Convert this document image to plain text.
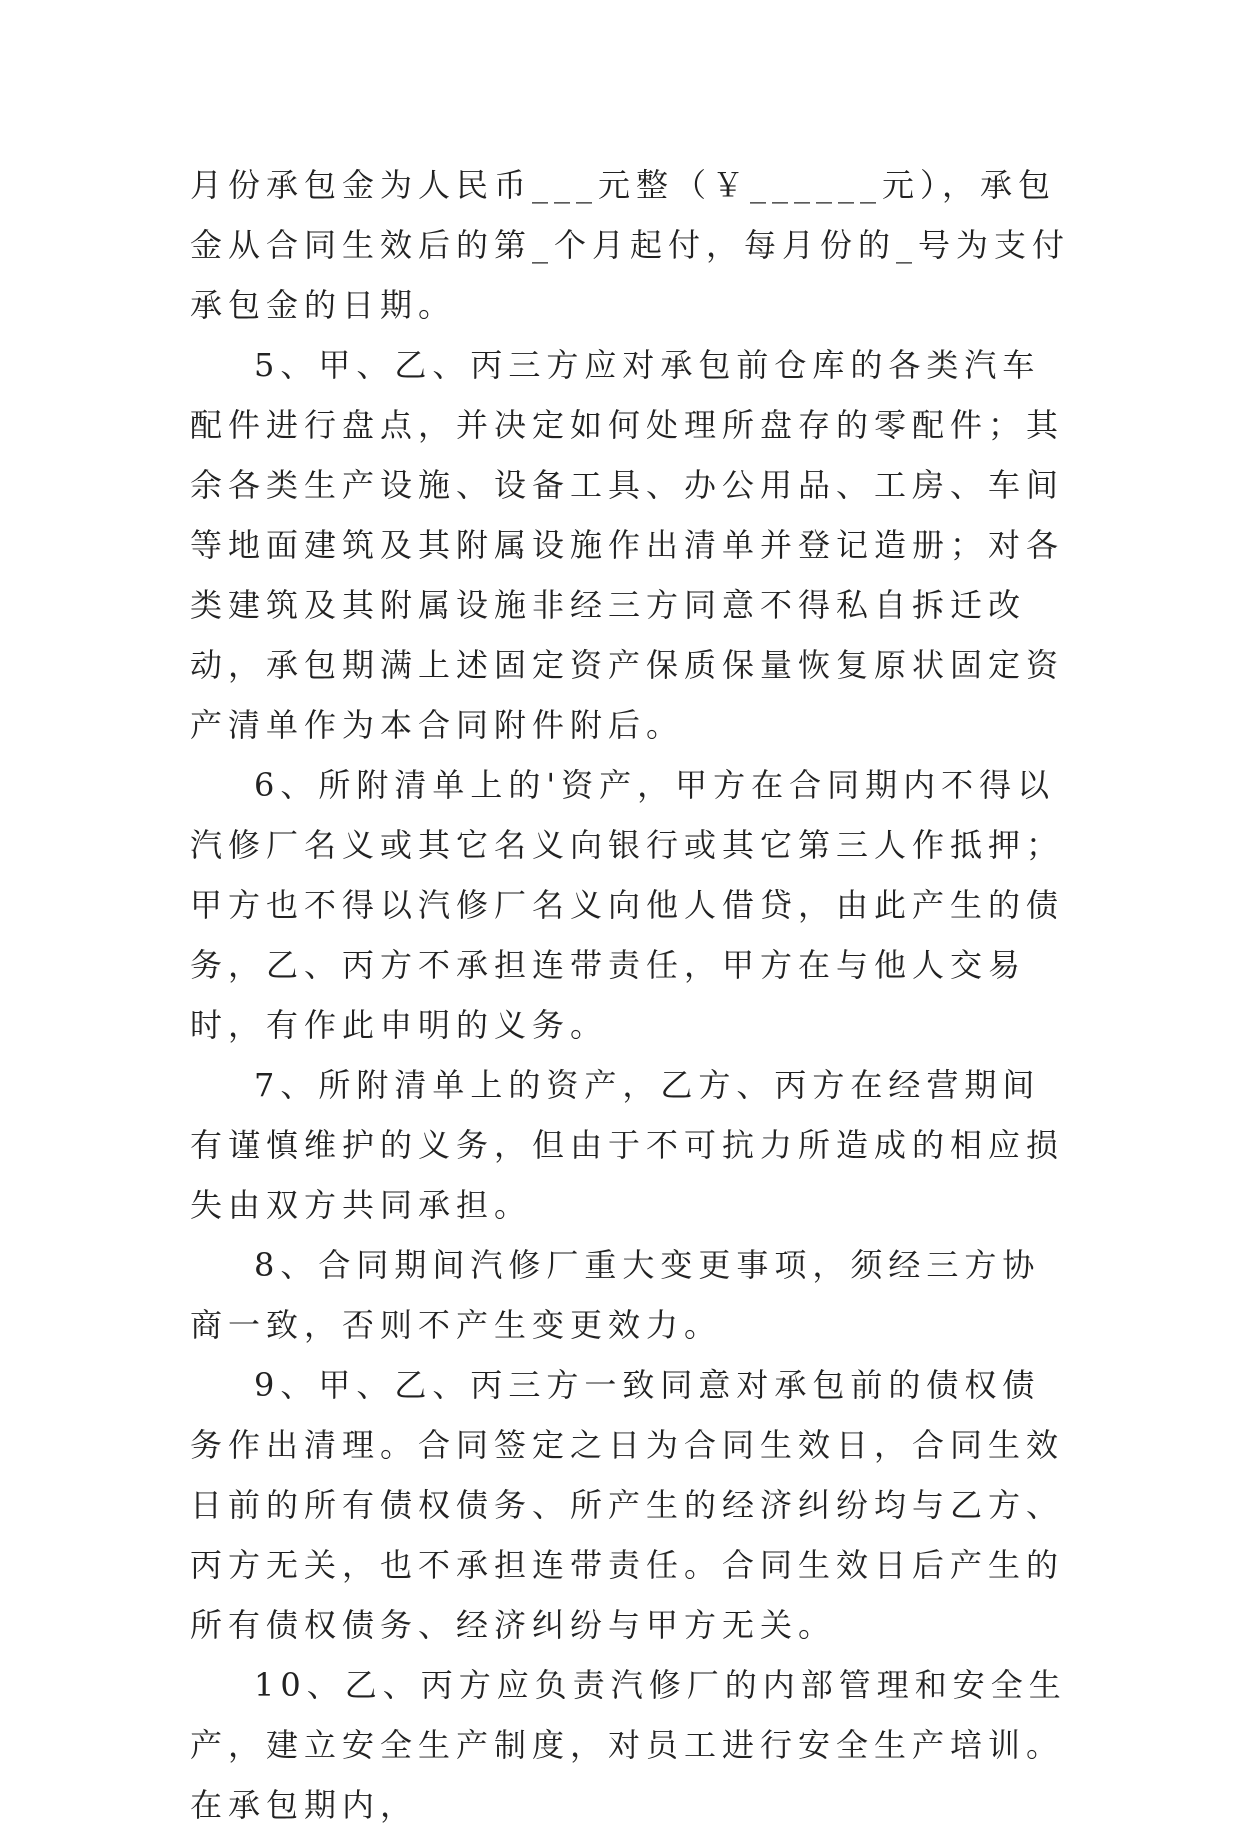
月份承包金为人民币___元整（￥______元），承包金从合同生效后的第_个月起付，每月份的_号为支付承包金的日期。

5、甲、乙、丙三方应对承包前仓库的各类汽车配件进行盘点，并决定如何处理所盘存的零配件；其余各类生产设施、设备工具、办公用品、工房、车间等地面建筑及其附属设施作出清单并登记造册；对各类建筑及其附属设施非经三方同意不得私自拆迁改动，承包期满上述固定资产保质保量恢复原状固定资产清单作为本合同附件附后。

6、所附清单上的'资产，甲方在合同期内不得以汽修厂名义或其它名义向银行或其它第三人作抵押；甲方也不得以汽修厂名义向他人借贷，由此产生的债务，乙、丙方不承担连带责任，甲方在与他人交易时，有作此申明的义务。

7、所附清单上的资产，乙方、丙方在经营期间有谨慎维护的义务，但由于不可抗力所造成的相应损失由双方共同承担。

8、合同期间汽修厂重大变更事项，须经三方协商一致，否则不产生变更效力。

9、甲、乙、丙三方一致同意对承包前的债权债务作出清理。合同签定之日为合同生效日，合同生效日前的所有债权债务、所产生的经济纠纷均与乙方、丙方无关，也不承担连带责任。合同生效日后产生的所有债权债务、经济纠纷与甲方无关。

10、乙、丙方应负责汽修厂的内部管理和安全生产，建立安全生产制度，对员工进行安全生产培训。在承包期内，
